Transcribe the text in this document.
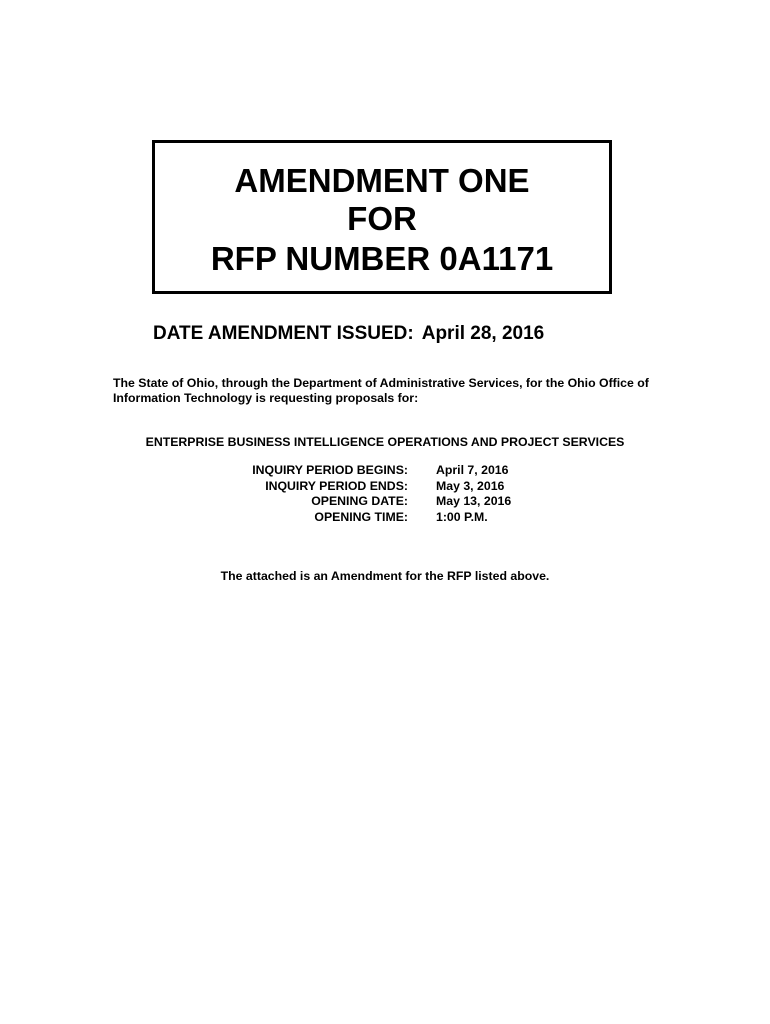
AMENDMENT ONE
FOR
RFP NUMBER 0A1171
DATE AMENDMENT ISSUED: April 28, 2016
The State of Ohio, through the Department of Administrative Services, for the Ohio Office of Information Technology is requesting proposals for:
ENTERPRISE BUSINESS INTELLIGENCE OPERATIONS AND PROJECT SERVICES
INQUIRY PERIOD BEGINS: April 7, 2016
INQUIRY PERIOD ENDS: May 3, 2016
OPENING DATE: May 13, 2016
OPENING TIME: 1:00 P.M.
The attached is an Amendment for the RFP listed above.
